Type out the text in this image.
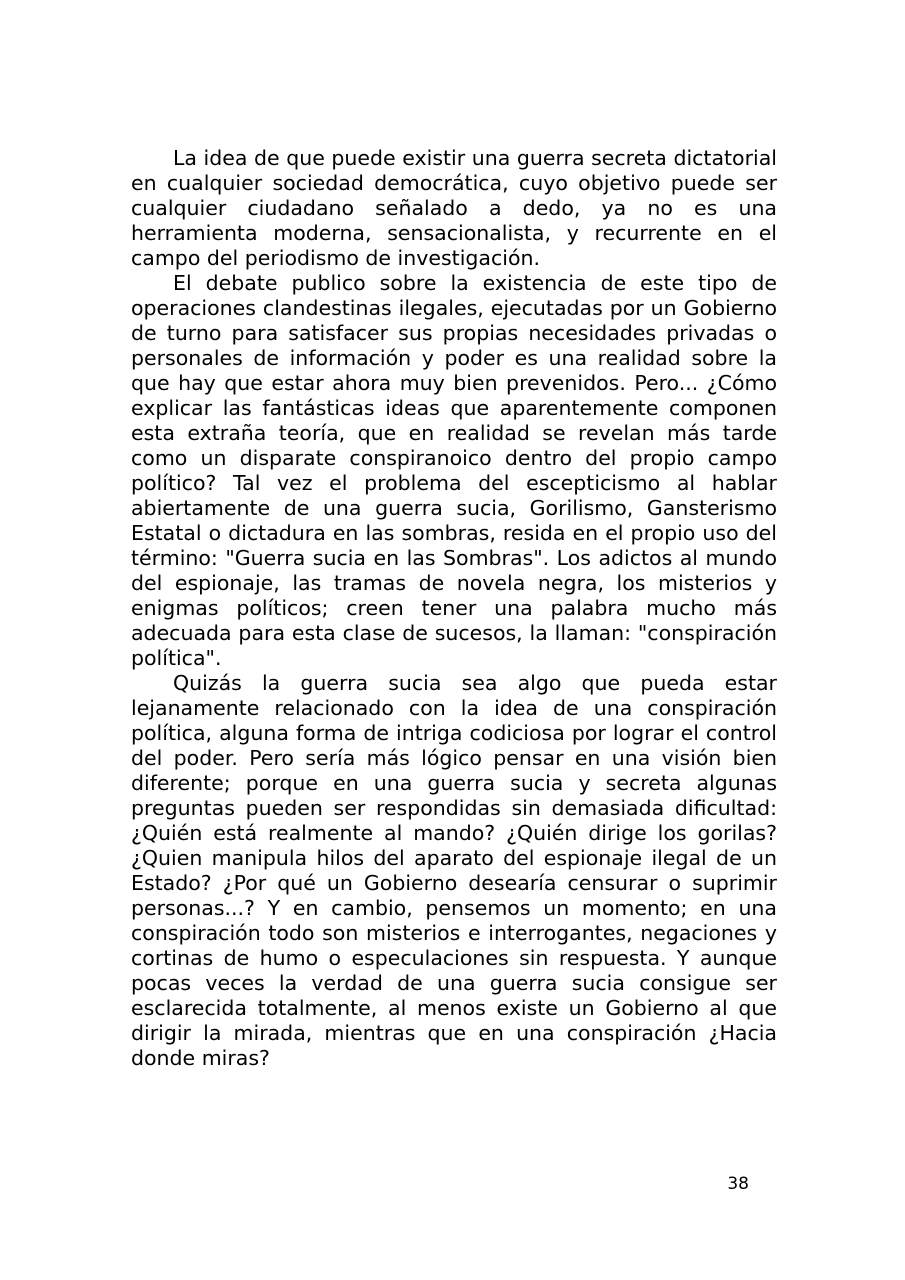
La idea de que puede existir una guerra secreta dictatorial en cualquier sociedad democrática, cuyo objetivo puede ser cualquier ciudadano señalado a dedo, ya no es una herramienta moderna, sensacionalista, y recurrente en el campo del periodismo de investigación.

El debate publico sobre la existencia de este tipo de operaciones clandestinas ilegales, ejecutadas por un Gobierno de turno para satisfacer sus propias necesidades privadas o personales de información y poder es una realidad sobre la que hay que estar ahora muy bien prevenidos. Pero... ¿Cómo explicar las fantásticas ideas que aparentemente componen esta extraña teoría, que en realidad se revelan más tarde como un disparate conspiranoico dentro del propio campo político? Tal vez el problema del escepticismo al hablar abiertamente de una guerra sucia, Gorilismo, Gansterismo Estatal o dictadura en las sombras, resida en el propio uso del término: "Guerra sucia en las Sombras". Los adictos al mundo del espionaje, las tramas de novela negra, los misterios y enigmas políticos; creen tener una palabra mucho más adecuada para esta clase de sucesos, la llaman: "conspiración política".

Quizás la guerra sucia sea algo que pueda estar lejanamente relacionado con la idea de una conspiración política, alguna forma de intriga codiciosa por lograr el control del poder. Pero sería más lógico pensar en una visión bien diferente; porque en una guerra sucia y secreta algunas preguntas pueden ser respondidas sin demasiada dificultad: ¿Quién está realmente al mando? ¿Quién dirige los gorilas? ¿Quien manipula hilos del aparato del espionaje ilegal de un Estado? ¿Por qué un Gobierno desearía censurar o suprimir personas...? Y en cambio, pensemos un momento; en una conspiración todo son misterios e interrogantes, negaciones y cortinas de humo o especulaciones sin respuesta. Y aunque pocas veces la verdad de una guerra sucia consigue ser esclarecida totalmente, al menos existe un Gobierno al que dirigir la mirada, mientras que en una conspiración ¿Hacia donde miras?

38
